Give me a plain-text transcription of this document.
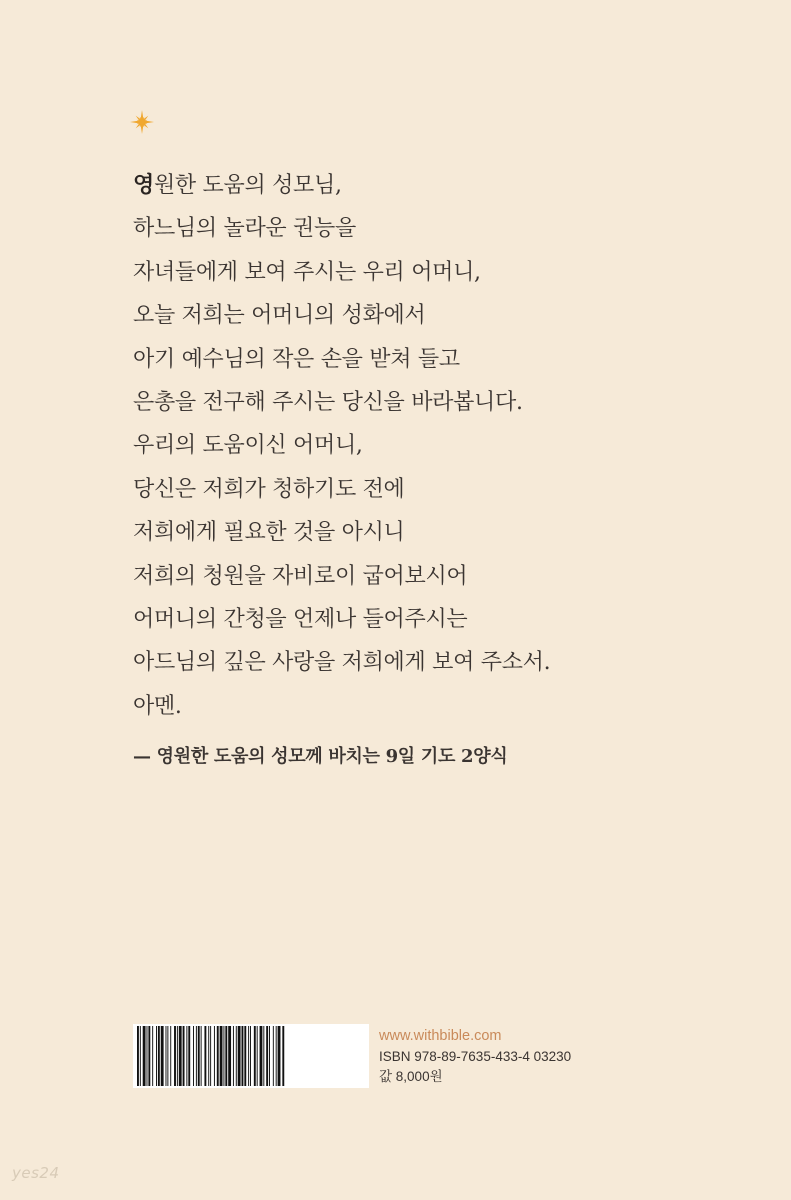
영원한 도움의 성모님,
하느님의 놀라운 권능을
자녀들에게 보여 주시는 우리 어머니,
오늘 저희는 어머니의 성화에서
아기 예수님의 작은 손을 받쳐 들고
은총을 전구해 주시는 당신을 바라봅니다.
우리의 도움이신 어머니,
당신은 저희가 청하기도 전에
저희에게 필요한 것을 아시니
저희의 청원을 자비로이 굽어보시어
어머니의 간청을 언제나 들어주시는
아드님의 깊은 사랑을 저희에게 보여 주소서.
아멘.
— 영원한 도움의 성모께 바치는 9일 기도 2양식
www.withbible.com
ISBN 978-89-7635-433-4 03230
값 8,000원
yes24
